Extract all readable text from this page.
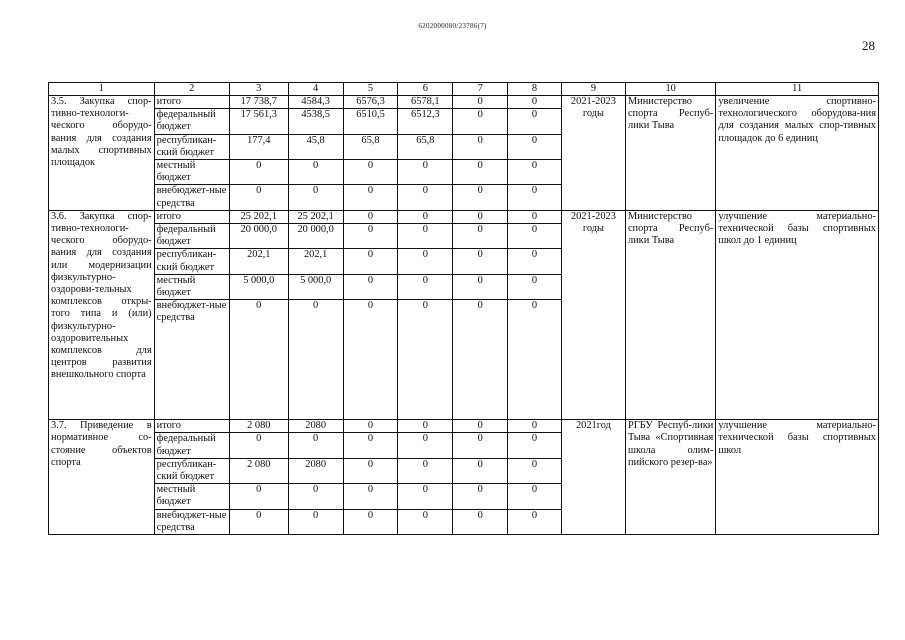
6202000080/23786(7)
28
1	2	3	4	5	6	7	8	9	10	11
3.5. Закупка спор-тивно-технологи-ческого оборудо-вания для создания малых спортивных площадок	итого	17 738,7	4584,3	6576,3	6578,1	0	0	2021-2023 годы	Министерство спорта Респуб-лики Тыва	увеличение спортивно-технологического оборудова-ния для создания малых спор-тивных площадок до 6 единиц
	федеральный бюджет	17 561,3	4538,5	6510,5	6512,3	0	0			
	республикан-ский бюджет	177,4	45,8	65,8	65,8	0	0			
	местный бюджет	0	0	0	0	0	0			
	внебюджет-ные средства	0	0	0	0	0	0			
3.6. Закупка спор-тивно-технологи-ческого оборудо-вания для создания или модернизации физкультурно-оздорови-тельных комплексов откры-того типа и (или) физкультурно-оздоровительных комплексов для центров развития внешкольного спорта	итого	25 202,1	25 202,1	0	0	0	0	2021-2023 годы	Министерство спорта Респуб-лики Тыва	улучшение материально-технической базы спортивных школ до 1 единиц
	федеральный бюджет	20 000,0	20 000,0	0	0	0	0			
	республикан-ский бюджет	202,1	202,1	0	0	0	0			
	местный бюджет	5 000,0	5 000,0	0	0	0	0			
	внебюджет-ные средства	0	0	0	0	0	0			
3.7. Приведение в нормативное со-стояние объектов спорта	итого	2 080	2080	0	0	0	0	2021год	РГБУ Респуб-лики Тыва «Спортивная школа олим-пийского резер-ва»	улучшение материально-технической базы спортивных школ
	федеральный бюджет	0	0	0	0	0	0			
	республикан-ский бюджет	2 080	2080	0	0	0	0			
	местный бюджет	0	0	0	0	0	0			
	внебюджет-ные средства	0	0	0	0	0	0			
